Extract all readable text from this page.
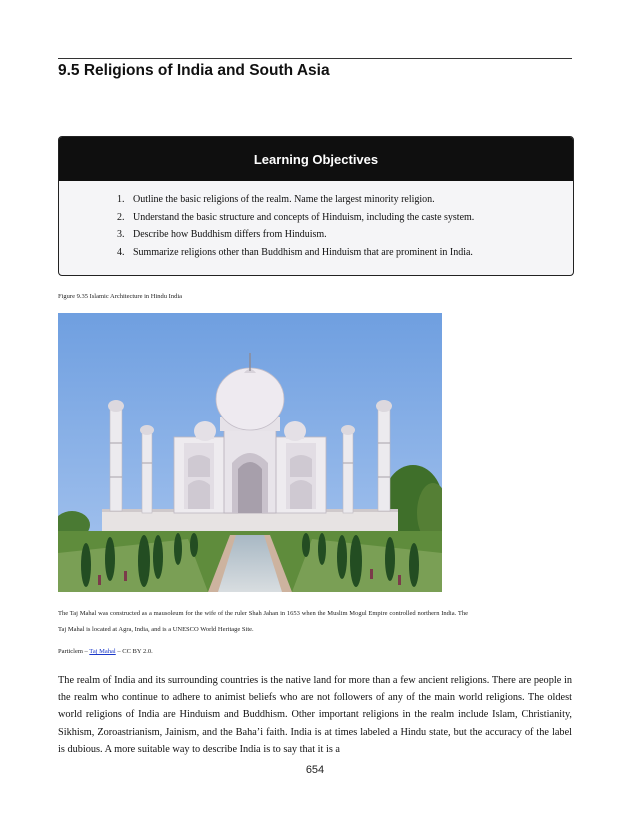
9.5 Religions of India and South Asia
Learning Objectives
1. Outline the basic religions of the realm. Name the largest minority religion.
2. Understand the basic structure and concepts of Hinduism, including the caste system.
3. Describe how Buddhism differs from Hinduism.
4. Summarize religions other than Buddhism and Hinduism that are prominent in India.
Figure 9.35 Islamic Architecture in Hindu India
The Taj Mahal was constructed as a mausoleum for the wife of the ruler Shah Jahan in 1653 when the Muslim Mogul Empire controlled northern India. The Taj Mahal is located at Agra, India, and is a UNESCO World Heritage Site.
Particlem – Taj Mahal – CC BY 2.0.
The realm of India and its surrounding countries is the native land for more than a few ancient religions. There are people in the realm who continue to adhere to animist beliefs who are not followers of any of the main world religions. The oldest world religions of India are Hinduism and Buddhism. Other important religions in the realm include Islam, Christianity, Sikhism, Zoroastrianism, Jainism, and the Baha’i faith. India is at times labeled a Hindu state, but the accuracy of the label is dubious. A more suitable way to describe India is to say that it is a
654
